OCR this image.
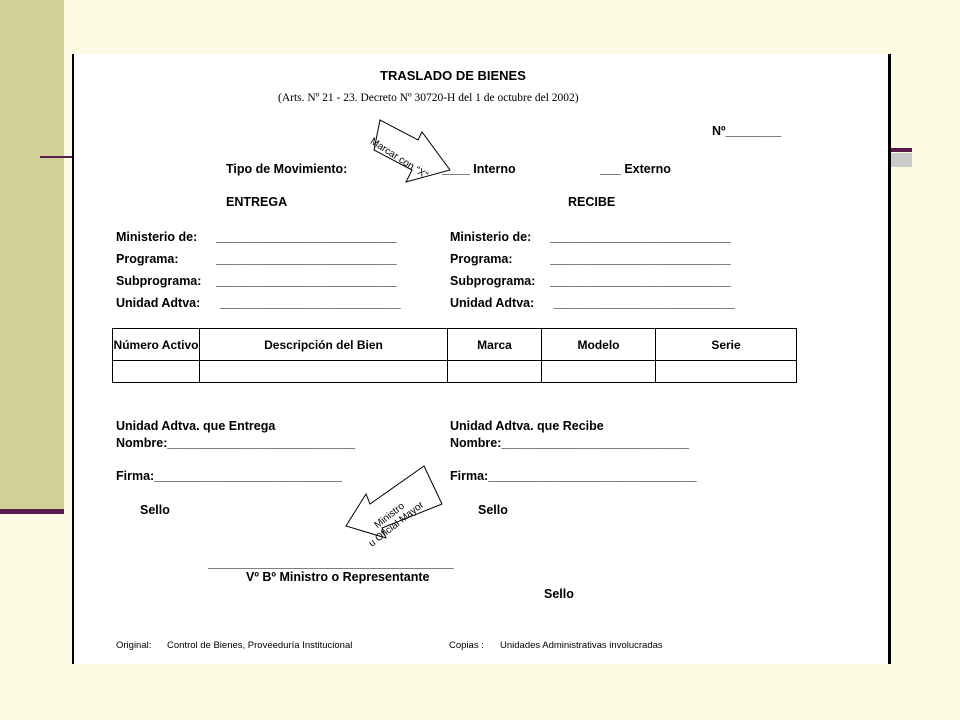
TRASLADO DE BIENES
(Arts. Nº 21 - 23. Decreto Nº 30720-H del 1 de octubre del 2002)
Nº________
Marcar con "X"
Tipo de Movimiento:	____ Interno	___ Externo
ENTREGA	RECIBE
Ministerio de: __________________________
Programa:	__________________________
Subprograma: __________________________
Unidad Adtva: __________________________
Ministerio de: __________________________
Programa:	__________________________
Subprograma: __________________________
Unidad Adtva: __________________________
Número Activo	Descripción del Bien	Marca	Modelo	Serie

Unidad Adtva. que Entrega
Nombre:___________________________
Firma:___________________________
Sello
Unidad Adtva. que Recibe
Nombre:___________________________
Firma:______________________________
Sello
Ministro
u Oficial Mayor
______________________________________
Vº Bº Ministro o Representante
Sello
Original: Control de Bienes, Proveeduría Institucional	Copias : Unidades Administrativas involucradas
